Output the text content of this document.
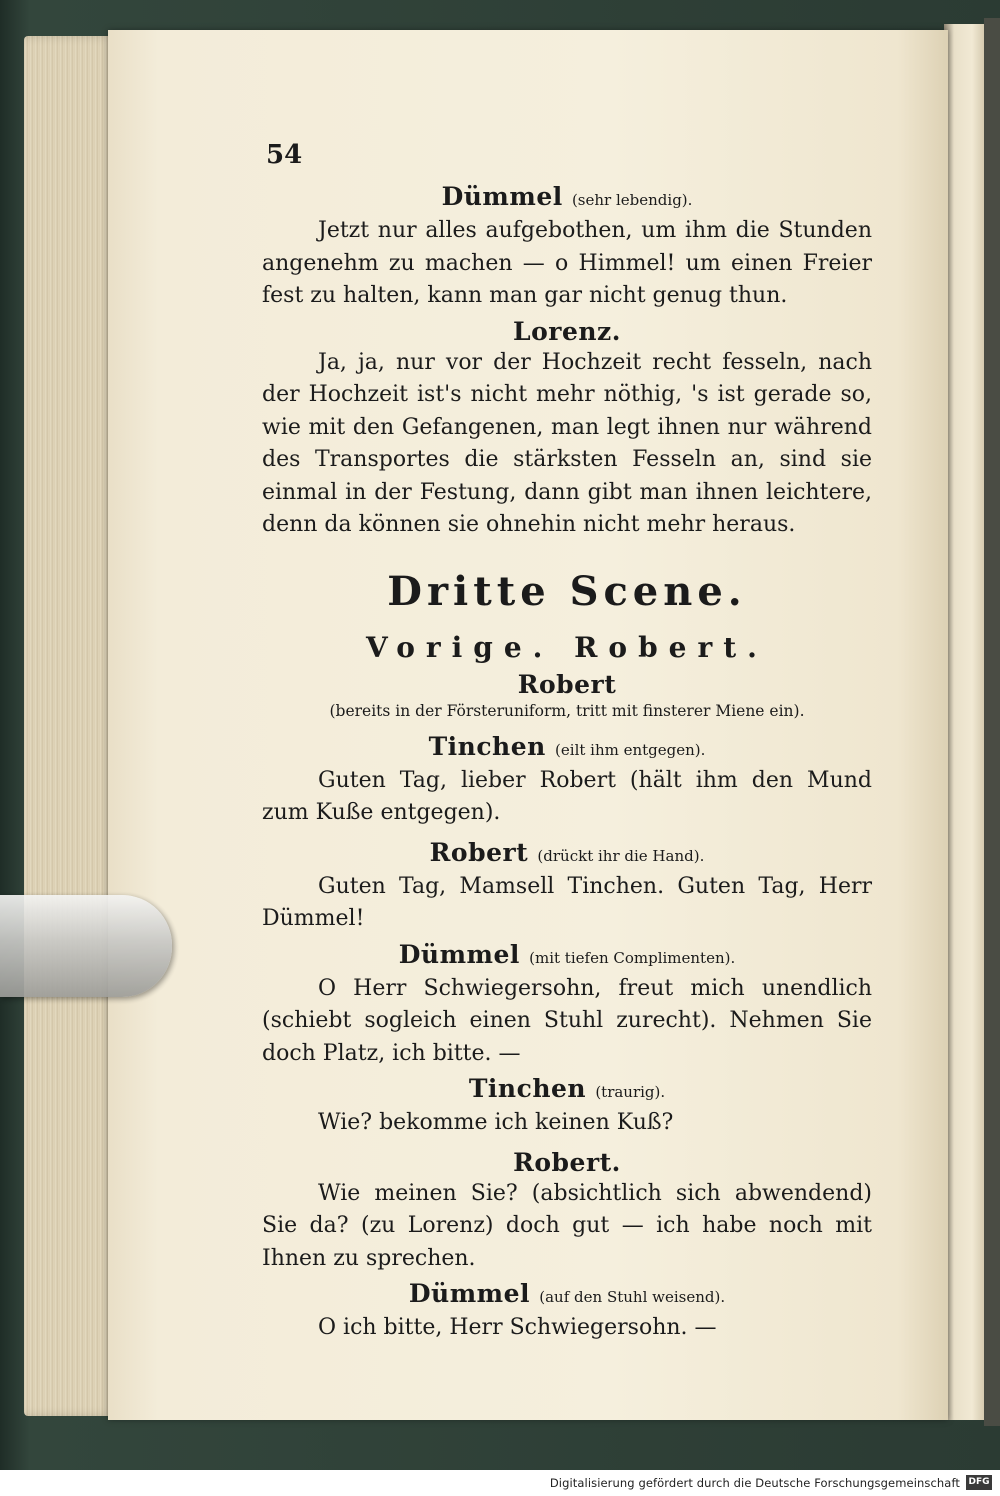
54

Dümmel (sehr lebendig).

Jetzt nur alles aufgebothen, um ihm die Stunden angenehm zu machen — o Himmel! um einen Freier fest zu halten, kann man gar nicht genug thun.

Lorenz.

Ja, ja, nur vor der Hochzeit recht fesseln, nach der Hochzeit ist's nicht mehr nöthig, 's ist gerade so, wie mit den Gefangenen, man legt ihnen nur während des Transportes die stärksten Fesseln an, sind sie einmal in der Festung, dann gibt man ihnen leichtere, denn da können sie ohnehin nicht mehr heraus.

Dritte Scene.

Vorige. Robert.

Robert

(bereits in der Försteruniform, tritt mit finsterer Miene ein).

Tinchen (eilt ihm entgegen).

Guten Tag, lieber Robert (hält ihm den Mund zum Kuße entgegen).

Robert (drückt ihr die Hand).

Guten Tag, Mamsell Tinchen. Guten Tag, Herr Dümmel!

Dümmel (mit tiefen Complimenten).

O Herr Schwiegersohn, freut mich unendlich (schiebt sogleich einen Stuhl zurecht). Nehmen Sie doch Platz, ich bitte. —

Tinchen (traurig).

Wie? bekomme ich keinen Kuß?

Robert.

Wie meinen Sie? (absichtlich sich abwendend) Sie da? (zu Lorenz) doch gut — ich habe noch mit Ihnen zu sprechen.

Dümmel (auf den Stuhl weisend).

O ich bitte, Herr Schwiegersohn. —

Digitalisierung gefördert durch die Deutsche Forschungsgemeinschaft DFG
